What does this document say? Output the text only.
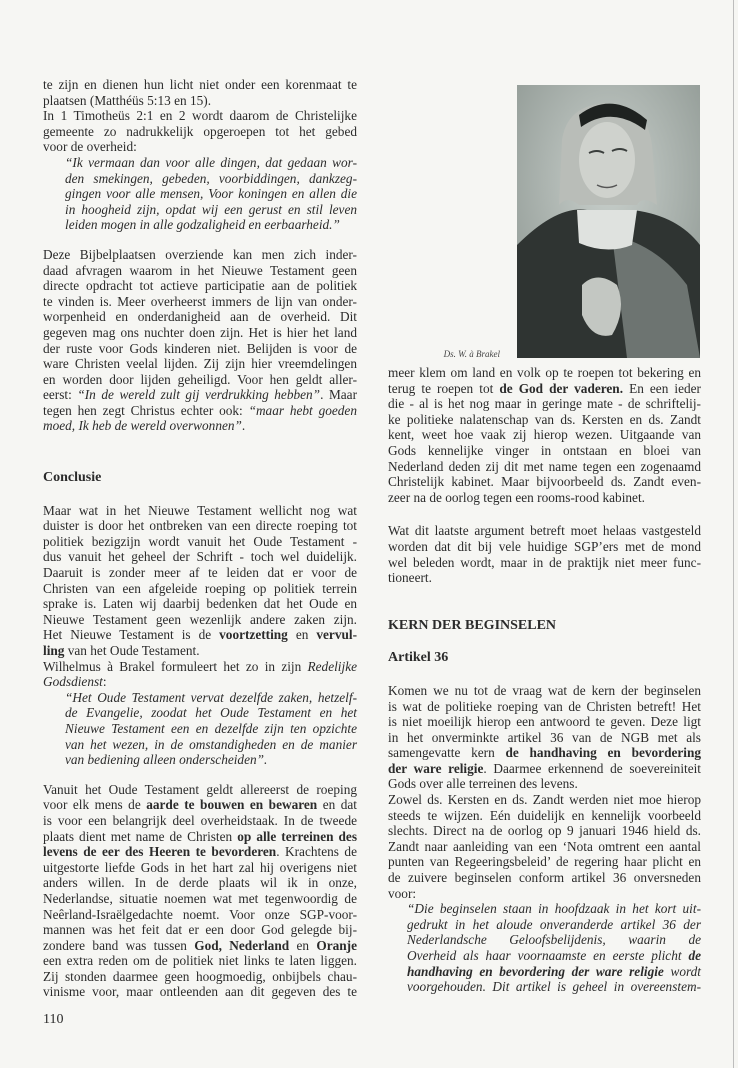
te zijn en dienen hun licht niet onder een korenmaat te
plaatsen (Matthéüs 5:13 en 15).
In 1 Timotheüs 2:1 en 2 wordt daarom de Christelijke
gemeente zo nadrukkelijk opgeroepen tot het gebed
voor de overheid:
“Ik vermaan dan voor alle dingen, dat gedaan wor-
den smekingen, gebeden, voorbiddingen, dankzeg-
gingen voor alle mensen, Voor koningen en allen die
in hoogheid zijn, opdat wij een gerust en stil leven
leiden mogen in alle godzaligheid en eerbaarheid.”
Deze Bijbelplaatsen overziende kan men zich inder-
daad afvragen waarom in het Nieuwe Testament geen
directe opdracht tot actieve participatie aan de politiek
te vinden is. Meer overheerst immers de lijn van onder-
worpenheid en onderdanigheid aan de overheid. Dit
gegeven mag ons nuchter doen zijn. Het is hier het land
der ruste voor Gods kinderen niet. Belijden is voor de
ware Christen veelal lijden. Zij zijn hier vreemdelingen
en worden door lijden geheiligd. Voor hen geldt aller-
eerst: “In de wereld zult gij verdrukking hebben”. Maar
tegen hen zegt Christus echter ook: “maar hebt goeden
moed, Ik heb de wereld overwonnen”.
Conclusie
Maar wat in het Nieuwe Testament wellicht nog wat
duister is door het ontbreken van een directe roeping tot
politiek bezigzijn wordt vanuit het Oude Testament -
dus vanuit het geheel der Schrift - toch wel duidelijk.
Daaruit is zonder meer af te leiden dat er voor de
Christen van een afgeleide roeping op politiek terrein
sprake is. Laten wij daarbij bedenken dat het Oude en
Nieuwe Testament geen wezenlijk andere zaken zijn.
Het Nieuwe Testament is de voortzetting en vervul-
ling van het Oude Testament.
Wilhelmus à Brakel formuleert het zo in zijn Redelijke
Godsdienst:
“Het Oude Testament vervat dezelfde zaken, hetzelf-
de Evangelie, zoodat het Oude Testament en het
Nieuwe Testament een en dezelfde zijn ten opzichte
van het wezen, in de omstandigheden en de manier
van bediening alleen onderscheiden”.
Vanuit het Oude Testament geldt allereerst de roeping
voor elk mens de aarde te bouwen en bewaren en dat
is voor een belangrijk deel overheidstaak. In de tweede
plaats dient met name de Christen op alle terreinen des
levens de eer des Heeren te bevorderen. Krachtens de
uitgestorte liefde Gods in het hart zal hij overigens niet
anders willen. In de derde plaats wil ik in onze,
Nederlandse, situatie noemen wat met tegenwoordig de
Neêrland-Israëlgedachte noemt. Voor onze SGP-voor-
mannen was het feit dat er een door God gelegde bij-
zondere band was tussen God, Nederland en Oranje
een extra reden om de politiek niet links te laten liggen.
Zij stonden daarmee geen hoogmoedig, onbijbels chau-
vinisme voor, maar ontleenden aan dit gegeven des te
Ds. W. à Brakel
meer klem om land en volk op te roepen tot bekering en
terug te roepen tot de God der vaderen. En een ieder
die - al is het nog maar in geringe mate - de schriftelij-
ke politieke nalatenschap van ds. Kersten en ds. Zandt
kent, weet hoe vaak zij hierop wezen. Uitgaande van
Gods kennelijke vinger in ontstaan en bloei van
Nederland deden zij dit met name tegen een zogenaamd
Christelijk kabinet. Maar bijvoorbeeld ds. Zandt even-
zeer na de oorlog tegen een rooms-rood kabinet.
Wat dit laatste argument betreft moet helaas vastgesteld
worden dat dit bij vele huidige SGP’ers met de mond
wel beleden wordt, maar in de praktijk niet meer func-
tioneert.
KERN DER BEGINSELEN
Artikel 36
Komen we nu tot de vraag wat de kern der beginselen
is wat de politieke roeping van de Christen betreft! Het
is niet moeilijk hierop een antwoord te geven. Deze ligt
in het onverminkte artikel 36 van de NGB met als
samengevatte kern de handhaving en bevordering
der ware religie. Daarmee erkennend de soevereiniteit
Gods over alle terreinen des levens.
Zowel ds. Kersten en ds. Zandt werden niet moe hierop
steeds te wijzen. Eén duidelijk en kennelijk voorbeeld
slechts. Direct na de oorlog op 9 januari 1946 hield ds.
Zandt naar aanleiding van een ‘Nota omtrent een aantal
punten van Regeeringsbeleid’ de regering haar plicht en
de zuivere beginselen conform artikel 36 onversneden
voor:
“Die beginselen staan in hoofdzaak in het kort uit-
gedrukt in het aloude onveranderde artikel 36 der
Nederlandsche Geloofsbelijdenis, waarin de
Overheid als haar voornaamste en eerste plicht de
handhaving en bevordering der ware religie wordt
voorgehouden. Dit artikel is geheel in overeenstem-
110
